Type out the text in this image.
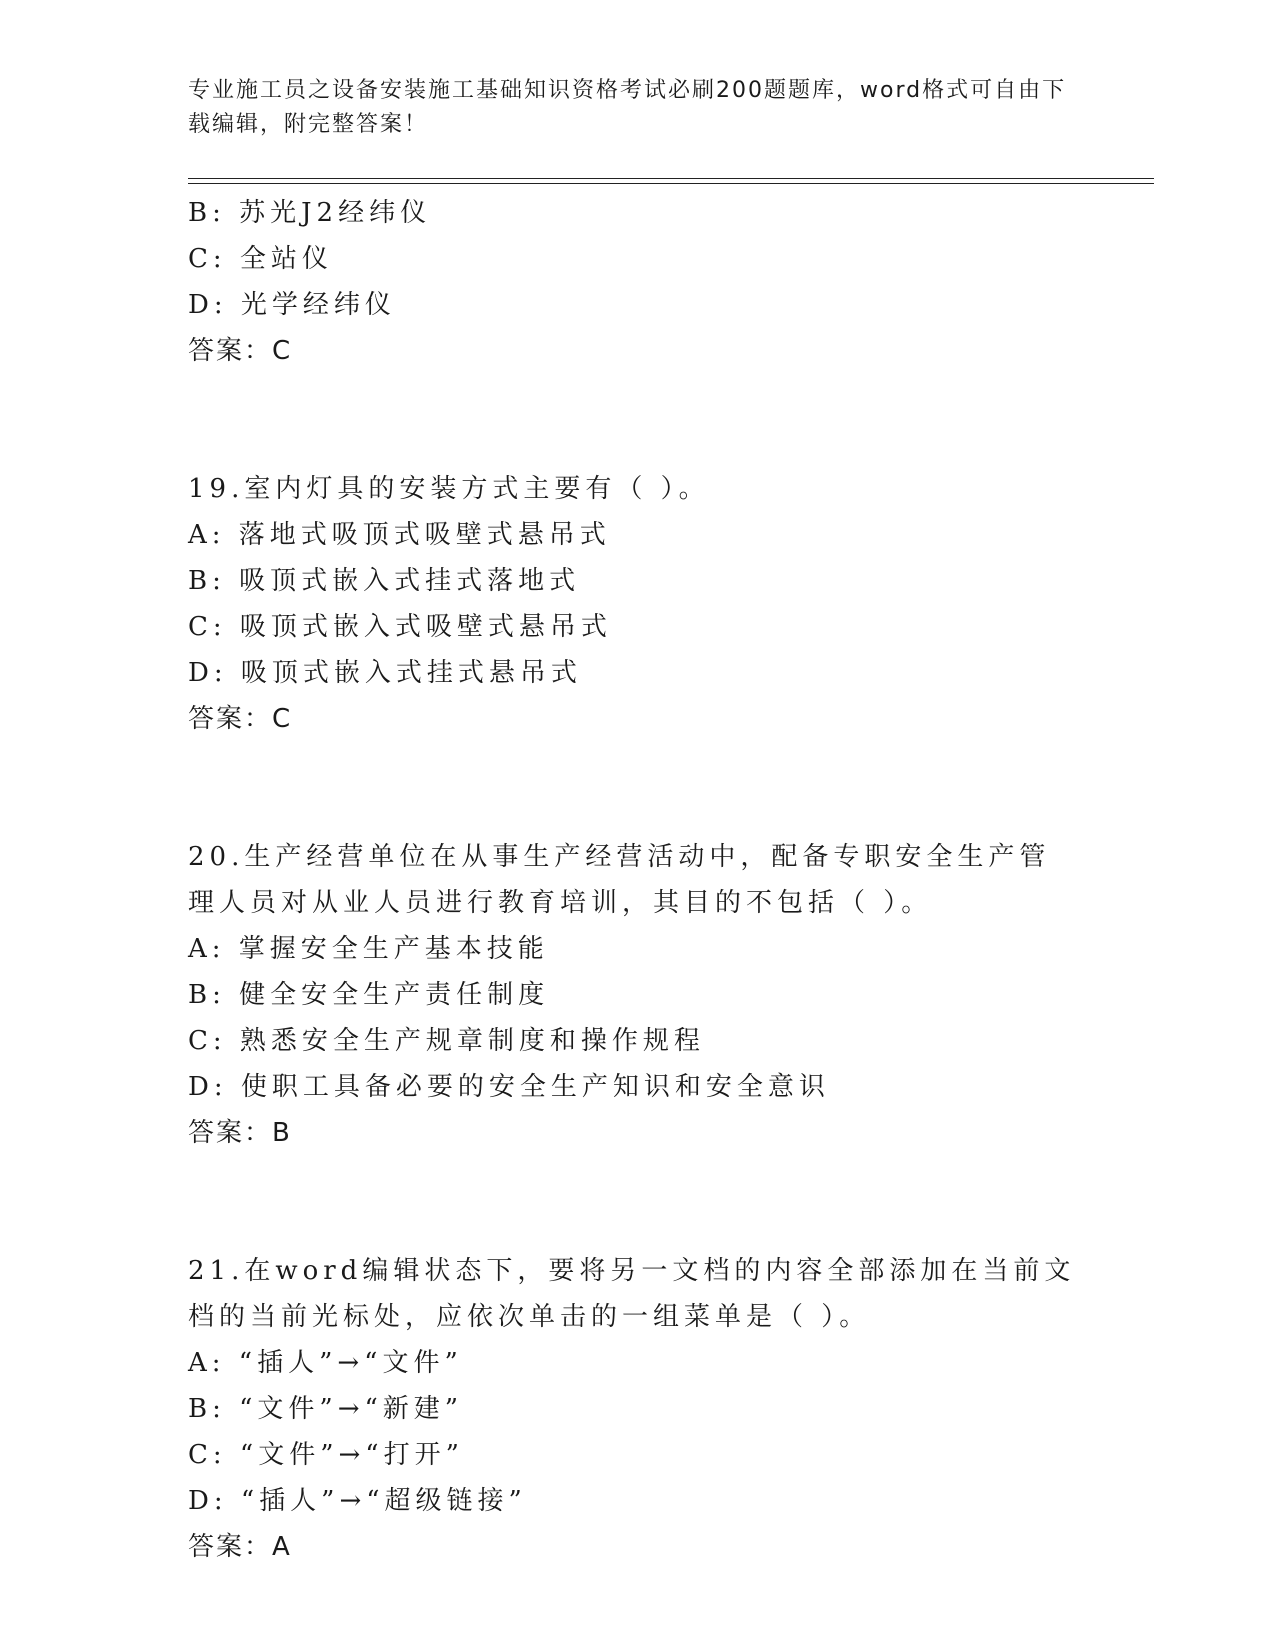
专业施工员之设备安装施工基础知识资格考试必刷200题题库，word格式可自由下载编辑，附完整答案！
B: 苏光J2经纬仪
C: 全站仪
D: 光学经纬仪
答案：C
19.室内灯具的安装方式主要有（ ）。
A: 落地式吸顶式吸壁式悬吊式
B: 吸顶式嵌入式挂式落地式
C: 吸顶式嵌入式吸壁式悬吊式
D: 吸顶式嵌入式挂式悬吊式
答案：C
20.生产经营单位在从事生产经营活动中，配备专职安全生产管理人员对从业人员进行教育培训，其目的不包括（ ）。
A: 掌握安全生产基本技能
B: 健全安全生产责任制度
C: 熟悉安全生产规章制度和操作规程
D: 使职工具备必要的安全生产知识和安全意识
答案：B
21.在word编辑状态下，要将另一文档的内容全部添加在当前文档的当前光标处，应依次单击的一组菜单是（ ）。
A: “插人”→“文件”
B: “文件”→“新建”
C: “文件”→“打开”
D: “插人”→“超级链接”
答案：A
